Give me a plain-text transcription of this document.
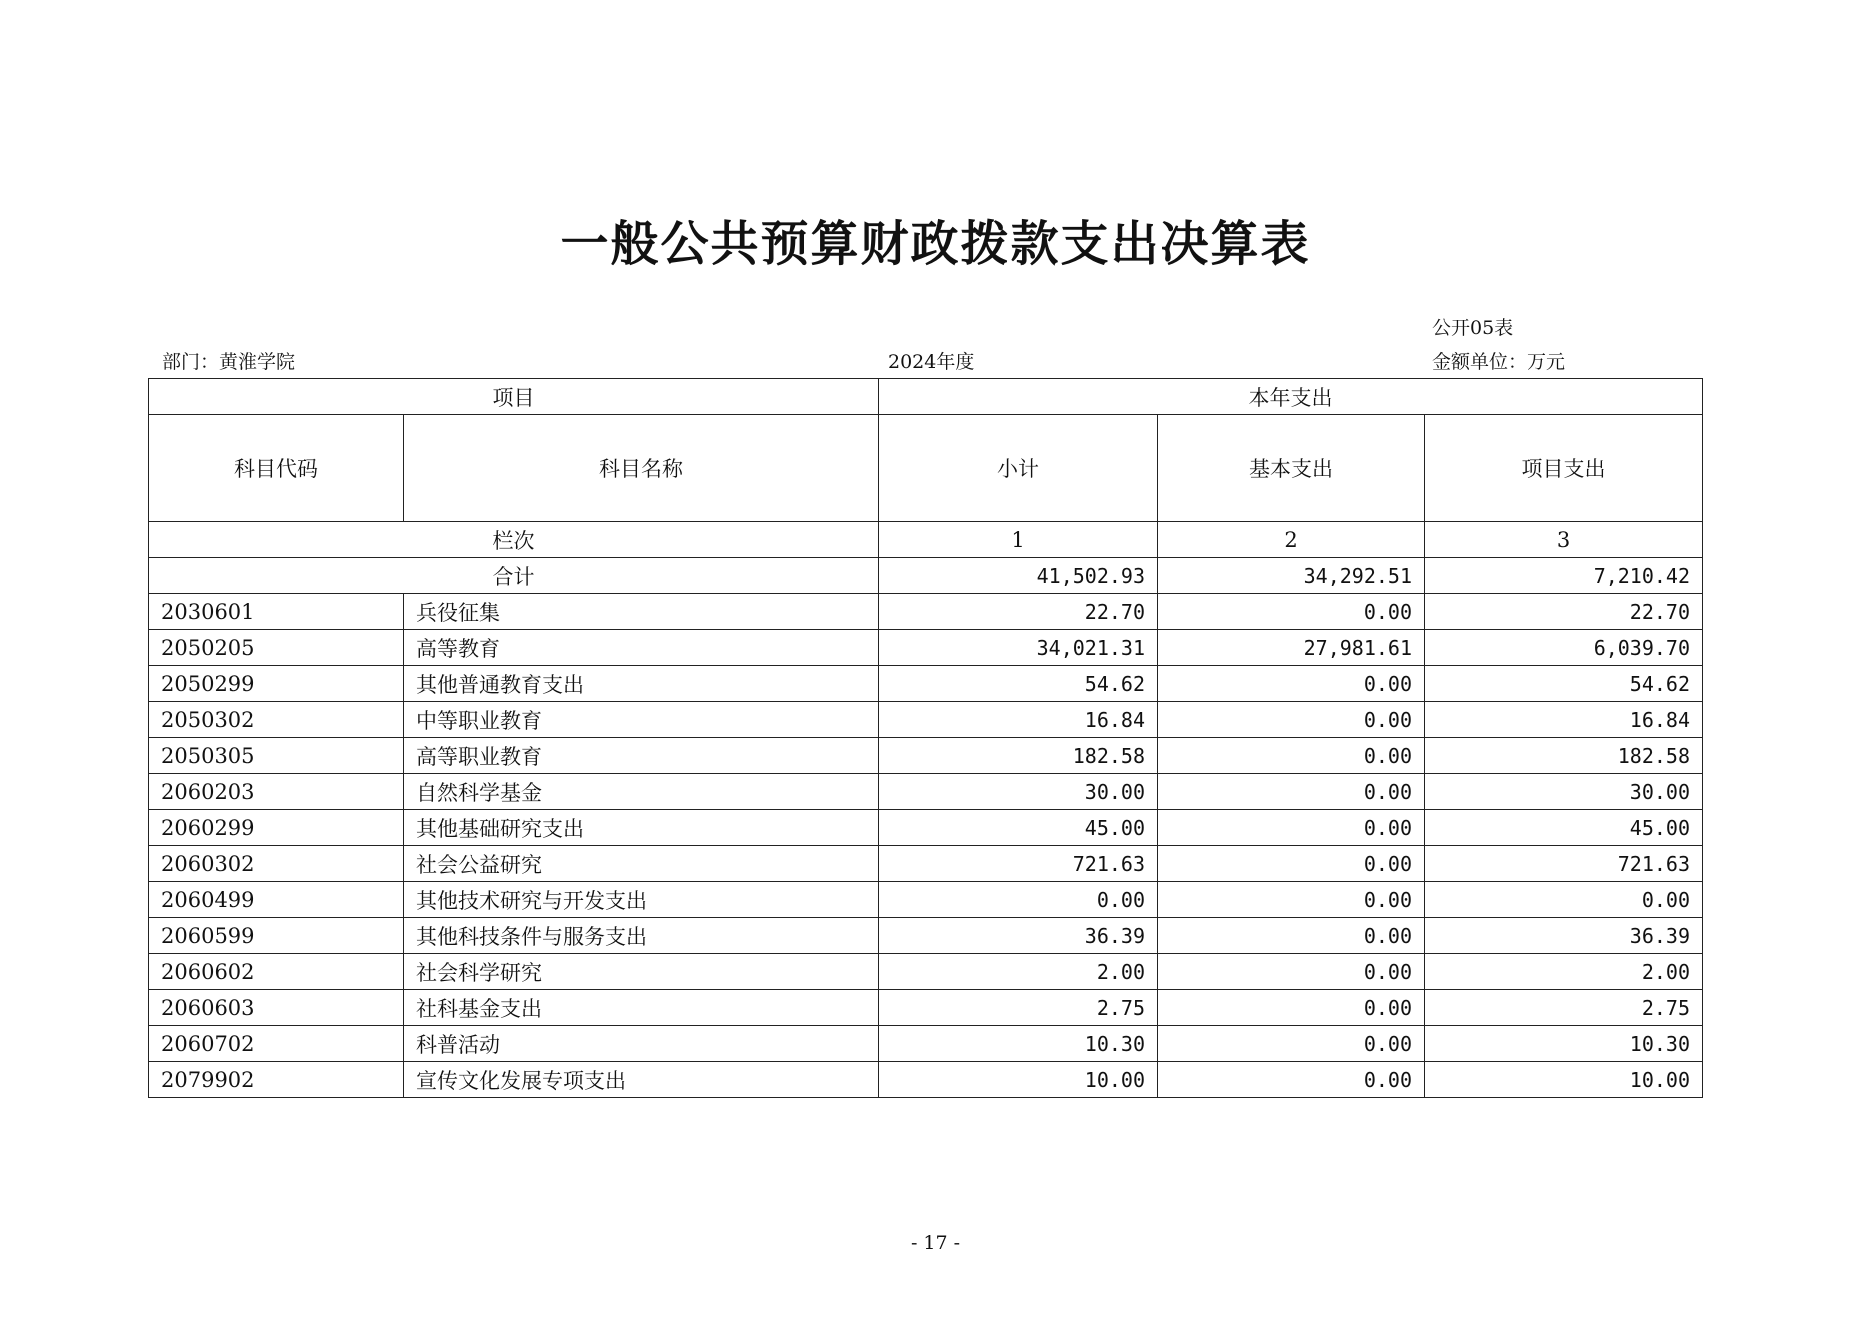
一般公共预算财政拨款支出决算表
公开05表
部门：黄淮学院	2024年度	金额单位：万元
项目		本年支出		
科目代码	科目名称	小计	基本支出	项目支出
栏次		1	2	3
合计		41,502.93	34,292.51	7,210.42
2030601	兵役征集	22.70	0.00	22.70
2050205	高等教育	34,021.31	27,981.61	6,039.70
2050299	其他普通教育支出	54.62	0.00	54.62
2050302	中等职业教育	16.84	0.00	16.84
2050305	高等职业教育	182.58	0.00	182.58
2060203	自然科学基金	30.00	0.00	30.00
2060299	其他基础研究支出	45.00	0.00	45.00
2060302	社会公益研究	721.63	0.00	721.63
2060499	其他技术研究与开发支出	0.00	0.00	0.00
2060599	其他科技条件与服务支出	36.39	0.00	36.39
2060602	社会科学研究	2.00	0.00	2.00
2060603	社科基金支出	2.75	0.00	2.75
2060702	科普活动	10.30	0.00	10.30
2079902	宣传文化发展专项支出	10.00	0.00	10.00
- 17 -
